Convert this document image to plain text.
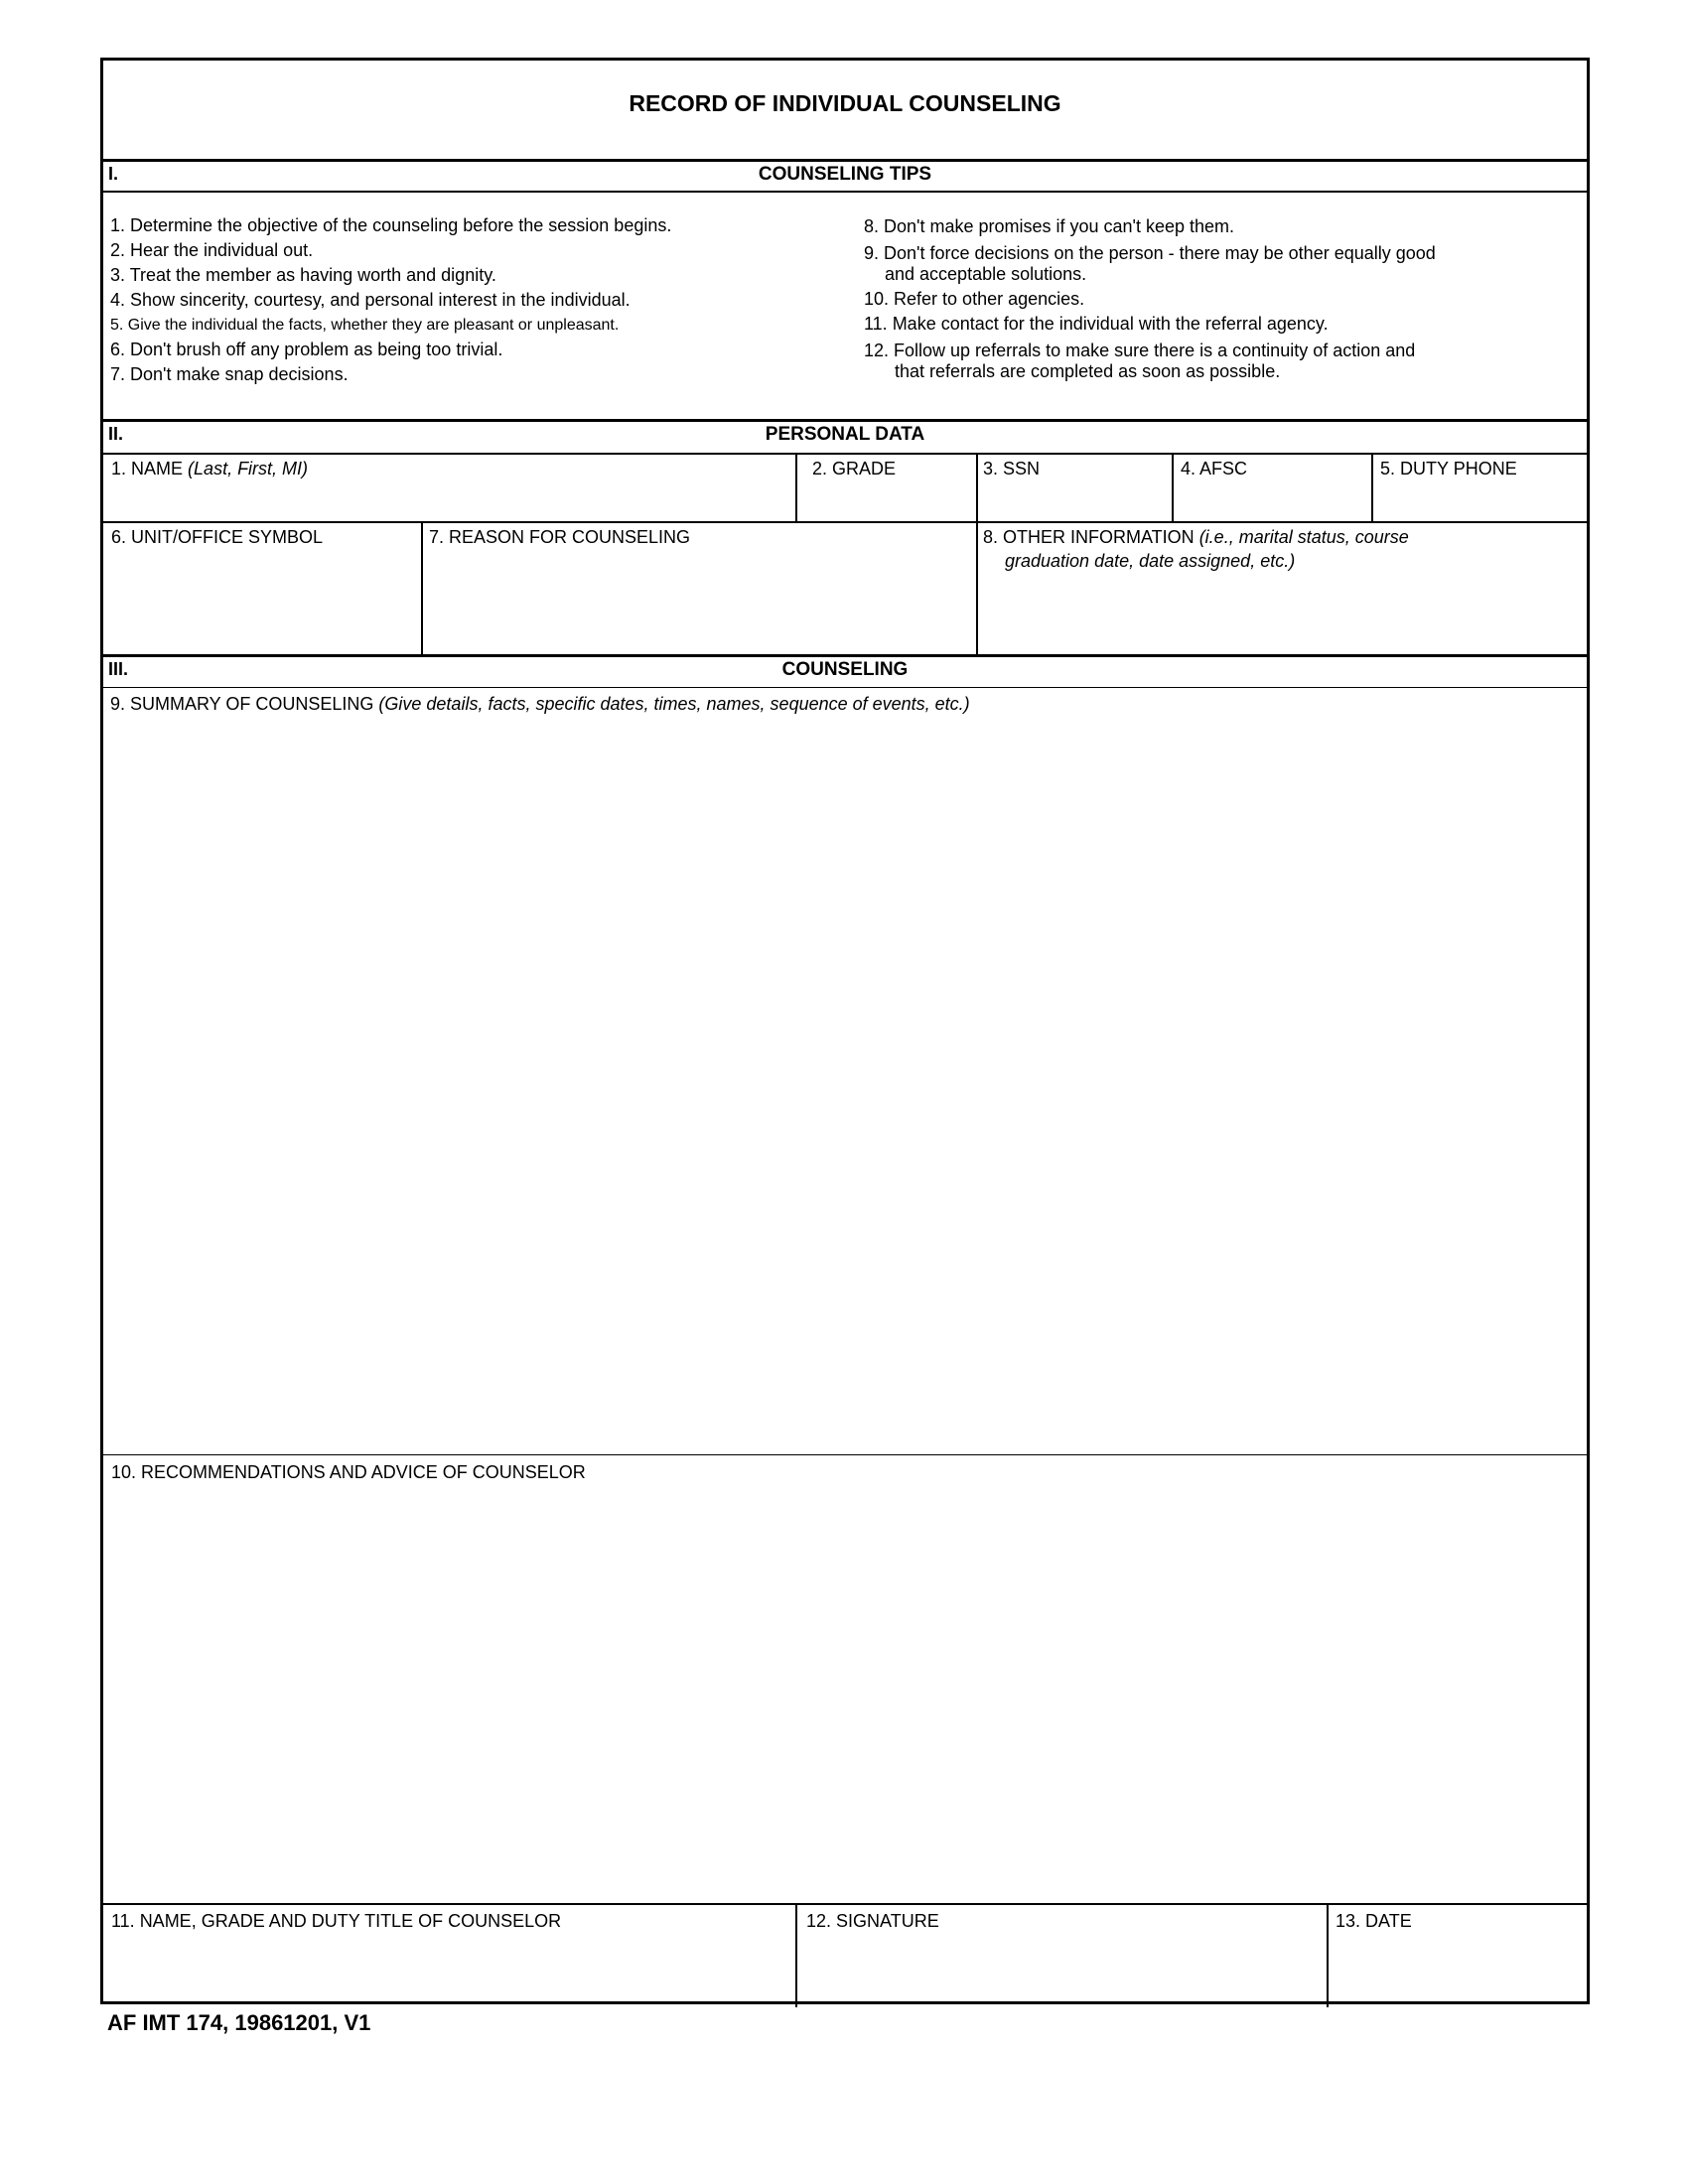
RECORD OF INDIVIDUAL COUNSELING
I.	COUNSELING TIPS
1. Determine the objective of the counseling before the session begins.
2. Hear the individual out.
3. Treat the member as having worth and dignity.
4. Show sincerity, courtesy, and personal interest in the individual.
5. Give the individual the facts, whether they are pleasant or unpleasant.
6. Don't brush off any problem as being too trivial.
7. Don't make snap decisions.
8. Don't make promises if you can't keep them.
9. Don't force decisions on the person - there may be other equally good
and acceptable solutions.
10. Refer to other agencies.
11. Make contact for the individual with the referral agency.
12. Follow up referrals to make sure there is a continuity of action and
that referrals are completed as soon as possible.
II.	PERSONAL DATA
1. NAME (Last, First, MI)	2. GRADE	3. SSN	4. AFSC	5. DUTY PHONE
6. UNIT/OFFICE SYMBOL	7. REASON FOR COUNSELING	8. OTHER INFORMATION (i.e., marital status, course
graduation date, date assigned, etc.)
III.	COUNSELING
9. SUMMARY OF COUNSELING (Give details, facts, specific dates, times, names, sequence of events, etc.)
10. RECOMMENDATIONS AND ADVICE OF COUNSELOR
11. NAME, GRADE AND DUTY TITLE OF COUNSELOR	12. SIGNATURE	13. DATE
AF IMT 174, 19861201, V1
